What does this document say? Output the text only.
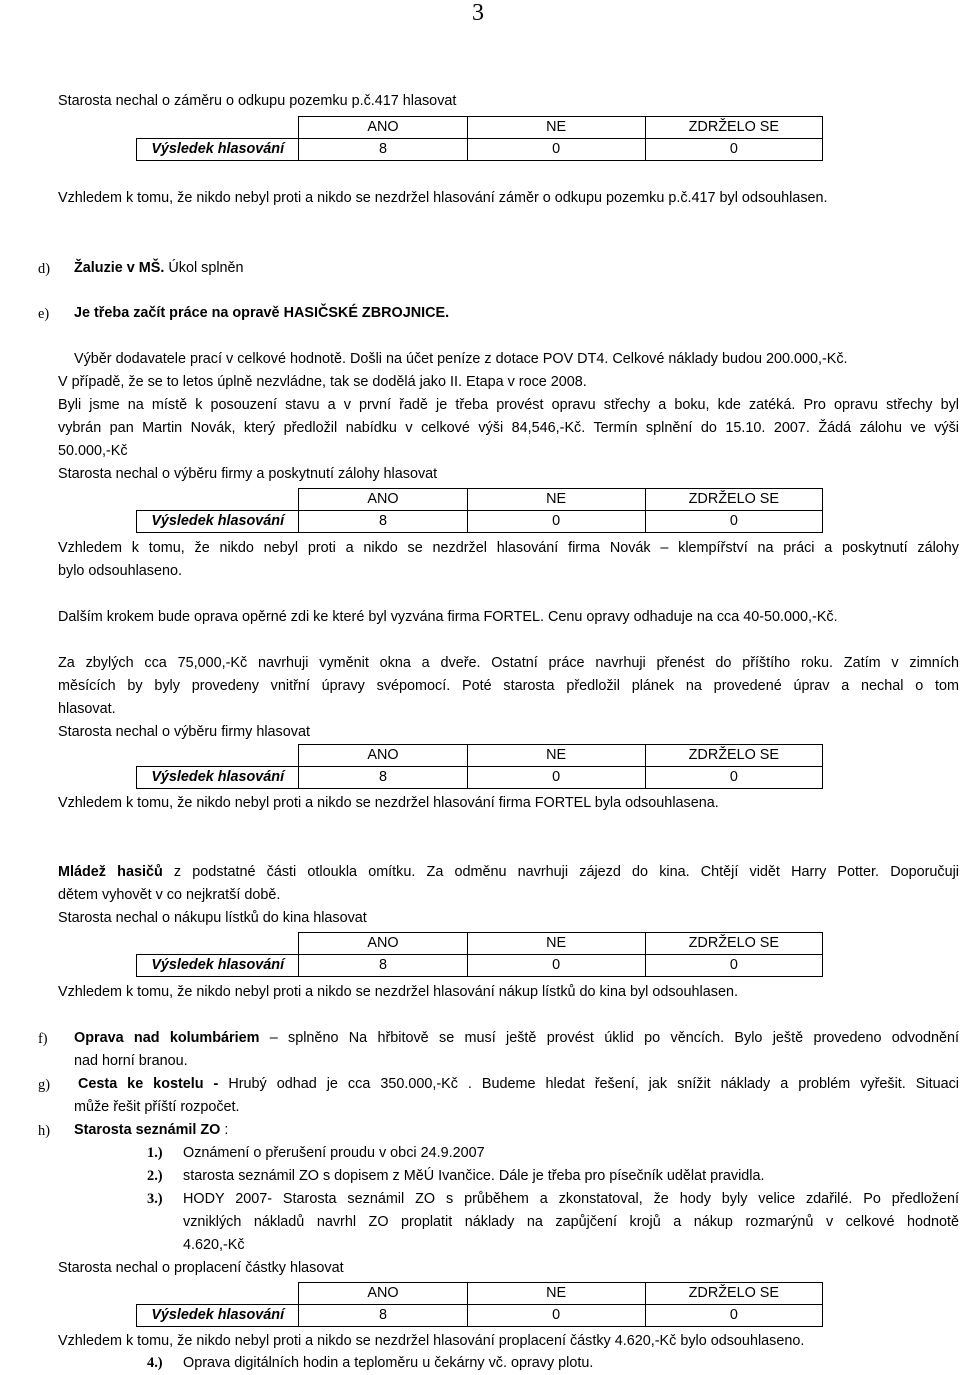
3
Starosta nechal o záměru o odkupu pozemku p.č.417 hlasovat
	ANO	NE	ZDRŽELO SE
Výsledek hlasování	8	0	0
Vzhledem k tomu, že nikdo nebyl proti a nikdo se nezdržel hlasování záměr o odkupu pozemku p.č.417 byl odsouhlasen.
d) Žaluzie v MŠ. Úkol splněn
e) Je třeba začít práce na opravě HASIČSKÉ ZBROJNICE.
Výběr dodavatele prací v celkové hodnotě. Došli na účet peníze z dotace POV DT4. Celkové náklady budou 200.000,-Kč.
V případě, že se to letos úplně nezvládne, tak se dodělá jako II. Etapa v roce 2008.
Byli jsme na místě k posouzení stavu a v první řadě je třeba provést opravu střechy a boku, kde zatéká. Pro opravu střechy byl
vybrán pan Martin Novák, který předložil nabídku v celkové výši 84,546,-Kč. Termín splnění do 15.10. 2007. Žádá zálohu ve výši
50.000,-Kč
Starosta nechal o výběru firmy a poskytnutí zálohy hlasovat
	ANO	NE	ZDRŽELO SE
Výsledek hlasování	8	0	0
Vzhledem k tomu, že nikdo nebyl proti a nikdo se nezdržel hlasování firma Novák – klempířství na práci a poskytnutí zálohy
bylo odsouhlaseno.
Dalším krokem bude oprava opěrné zdi ke které byl vyzvána firma FORTEL. Cenu opravy odhaduje na cca 40-50.000,-Kč.
Za zbylých cca 75,000,-Kč navrhuji vyměnit okna a dveře. Ostatní práce navrhuji přenést do příštího roku. Zatím v zimních
měsících by byly provedeny vnitřní úpravy svépomocí. Poté starosta předložil plánek na provedené úprav a nechal o tom
hlasovat.
Starosta nechal o výběru firmy hlasovat
	ANO	NE	ZDRŽELO SE
Výsledek hlasování	8	0	0
Vzhledem k tomu, že nikdo nebyl proti a nikdo se nezdržel hlasování firma FORTEL byla odsouhlasena.
Mládež hasičů z podstatné části otloukla omítku. Za odměnu navrhuji zájezd do kina. Chtějí vidět Harry Potter. Doporučuji
dětem vyhovět v co nejkratší době.
Starosta nechal o nákupu lístků do kina hlasovat
	ANO	NE	ZDRŽELO SE
Výsledek hlasování	8	0	0
Vzhledem k tomu, že nikdo nebyl proti a nikdo se nezdržel hlasování nákup lístků do kina byl odsouhlasen.
f) Oprava nad kolumbáriem – splněno Na hřbitově se musí ještě provést úklid po věncích. Bylo ještě provedeno odvodnění
nad horní branou.
g) Cesta ke kostelu - Hrubý odhad je cca 350.000,-Kč . Budeme hledat řešení, jak snížit náklady a problém vyřešit. Situaci
může řešit příští rozpočet.
h) Starosta seznámil ZO :
1.) Oznámení o přerušení proudu v obci 24.9.2007
2.) starosta seznámil ZO s dopisem z MěÚ Ivančice. Dále je třeba pro písečník udělat pravidla.
3.) HODY 2007- Starosta seznámil ZO s průběhem a zkonstatoval, že hody byly velice zdařilé. Po předložení
vzniklých nákladů navrhl ZO proplatit náklady na zapůjčení krojů a nákup rozmarýnů v celkové hodnotě
4.620,-Kč
Starosta nechal o proplacení částky hlasovat
	ANO	NE	ZDRŽELO SE
Výsledek hlasování	8	0	0
Vzhledem k tomu, že nikdo nebyl proti a nikdo se nezdržel hlasování proplacení částky 4.620,-Kč bylo odsouhlaseno.
4.) Oprava digitálních hodin a teploměru u čekárny vč. opravy plotu.
